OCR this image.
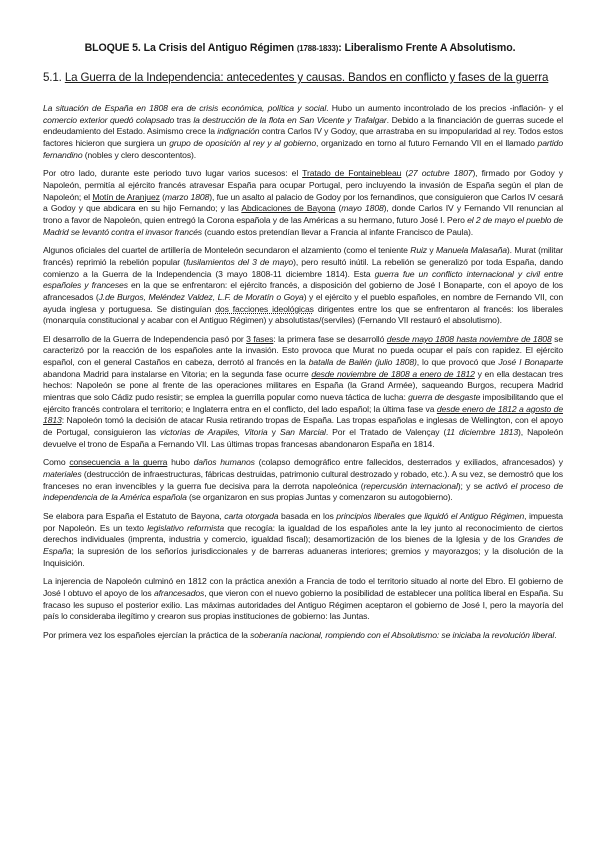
BLOQUE 5. La Crisis del Antiguo Régimen (1788-1833): Liberalismo Frente A Absolutismo.
5.1. La Guerra de la Independencia: antecedentes y causas. Bandos en conflicto y fases de la guerra

La situación de España en 1808 era de crisis económica, política y social. Hubo un aumento incontrolado de los precios -inflación- y el comercio exterior quedó colapsado tras la destrucción de la flota en San Vicente y Trafalgar. Debido a la financiación de guerras sucede el endeudamiento del Estado. Asimismo crece la indignación contra Carlos IV y Godoy, que arrastraba en su impopularidad al rey. Todos estos factores hicieron que surgiera un grupo de oposición al rey y al gobierno, organizado en torno al futuro Fernando VII en el llamado partido fernandino (nobles y clero descontentos).

Por otro lado, durante este periodo tuvo lugar varios sucesos: el Tratado de Fontainebleau (27 octubre 1807), firmado por Godoy y Napoleón, permitía al ejército francés atravesar España para ocupar Portugal, pero incluyendo la invasión de España según el plan de Napoleón; el Motín de Aranjuez (marzo 1808), fue un asalto al palacio de Godoy por los fernandinos, que consiguieron que Carlos IV cesará a Godoy y que abdicara en su hijo Fernando; y las Abdicaciones de Bayona (mayo 1808), donde Carlos IV y Fernando VII renuncian al trono a favor de Napoleón, quien entregó la Corona española y de las Américas a su hermano, futuro José I. Pero el 2 de mayo el pueblo de Madrid se levantó contra el invasor francés (cuando estos pretendían llevar a Francia al infante Francisco de Paula).

Algunos oficiales del cuartel de artillería de Monteleón secundaron el alzamiento (como el teniente Ruiz y Manuela Malasaña). Murat (militar francés) reprimió la rebelión popular (fusilamientos del 3 de mayo), pero resultó inútil. La rebelión se generalizó por toda España, dando comienzo a la Guerra de la Independencia (3 mayo 1808-11 diciembre 1814). Esta guerra fue un conflicto internacional y civil entre españoles y franceses en la que se enfrentaron: el ejército francés, a disposición del gobierno de José I Bonaparte, con el apoyo de los afrancesados (J.de Burgos, Meléndez Valdez, L.F. de Moratín o Goya) y el ejército y el pueblo españoles, en nombre de Fernando VII, con ayuda inglesa y portuguesa. Se distinguían dos facciones ideológicas dirigentes entre los que se enfrentaron al francés: los liberales (monarquía constitucional y acabar con el Antiguo Régimen) y absolutistas/(serviles) (Fernando VII restauró el absolutismo).

El desarrollo de la Guerra de Independencia pasó por 3 fases: la primera fase se desarrolló desde mayo 1808 hasta noviembre de 1808 se caracterizó por la reacción de los españoles ante la invasión. Esto provoca que Murat no pueda ocupar el país con rapidez. El ejército español, con el general Castaños en cabeza, derrotó al francés en la batalla de Bailén (julio 1808), lo que provocó que José I Bonaparte abandona Madrid para instalarse en Vitoria; en la segunda fase ocurre desde noviembre de 1808 a enero de 1812 y en ella destacan tres hechos: Napoleón se pone al frente de las operaciones militares en España (la Grand Armée), saqueando Burgos, recupera Madrid mientras que solo Cádiz pudo resistir; se emplea la guerrilla popular como nueva táctica de lucha: guerra de desgaste imposibilitando que el ejército francés controlara el territorio; e Inglaterra entra en el conflicto, del lado español; la última fase va desde enero de 1812 a agosto de 1813: Napoleón tomó la decisión de atacar Rusia retirando tropas de España. Las tropas españolas e inglesas de Wellington, con el apoyo de Portugal, consiguieron las victorias de Arapiles, Vitoria y San Marcial. Por el Tratado de Valençay (11 diciembre 1813), Napoleón devuelve el trono de España a Fernando VII. Las últimas tropas francesas abandonaron España en 1814.

Como consecuencia a la guerra hubo daños humanos (colapso demográfico entre fallecidos, desterrados y exiliados, afrancesados) y materiales (destrucción de infraestructuras, fábricas destruidas, patrimonio cultural destrozado y robado, etc.). A su vez, se demostró que los franceses no eran invencibles y la guerra fue decisiva para la derrota napoleónica (repercusión internacional); y se activó el proceso de independencia de la América española (se organizaron en sus propias Juntas y comenzaron su autogobierno).

Se elabora para España el Estatuto de Bayona, carta otorgada basada en los principios liberales que liquidó el Antiguo Régimen, impuesta por Napoleón. Es un texto legislativo reformista que recogía: la igualdad de los españoles ante la ley junto al reconocimiento de ciertos derechos individuales (imprenta, industria y comercio, igualdad fiscal); desamortización de los bienes de la Iglesia y de los Grandes de España; la supresión de los señoríos jurisdiccionales y de barreras aduaneras interiores; gremios y mayorazgos; y la disolución de la Inquisición.

La injerencia de Napoleón culminó en 1812 con la práctica anexión a Francia de todo el territorio situado al norte del Ebro. El gobierno de José I obtuvo el apoyo de los afrancesados, que vieron con el nuevo gobierno la posibilidad de establecer una política liberal en España. Su fracaso les supuso el posterior exilio. Las máximas autoridades del Antiguo Régimen aceptaron el gobierno de José I, pero la mayoría del país lo consideraba ilegítimo y crearon sus propias instituciones de gobierno: las Juntas.

Por primera vez los españoles ejercían la práctica de la soberanía nacional, rompiendo con el Absolutismo: se iniciaba la revolución liberal.
